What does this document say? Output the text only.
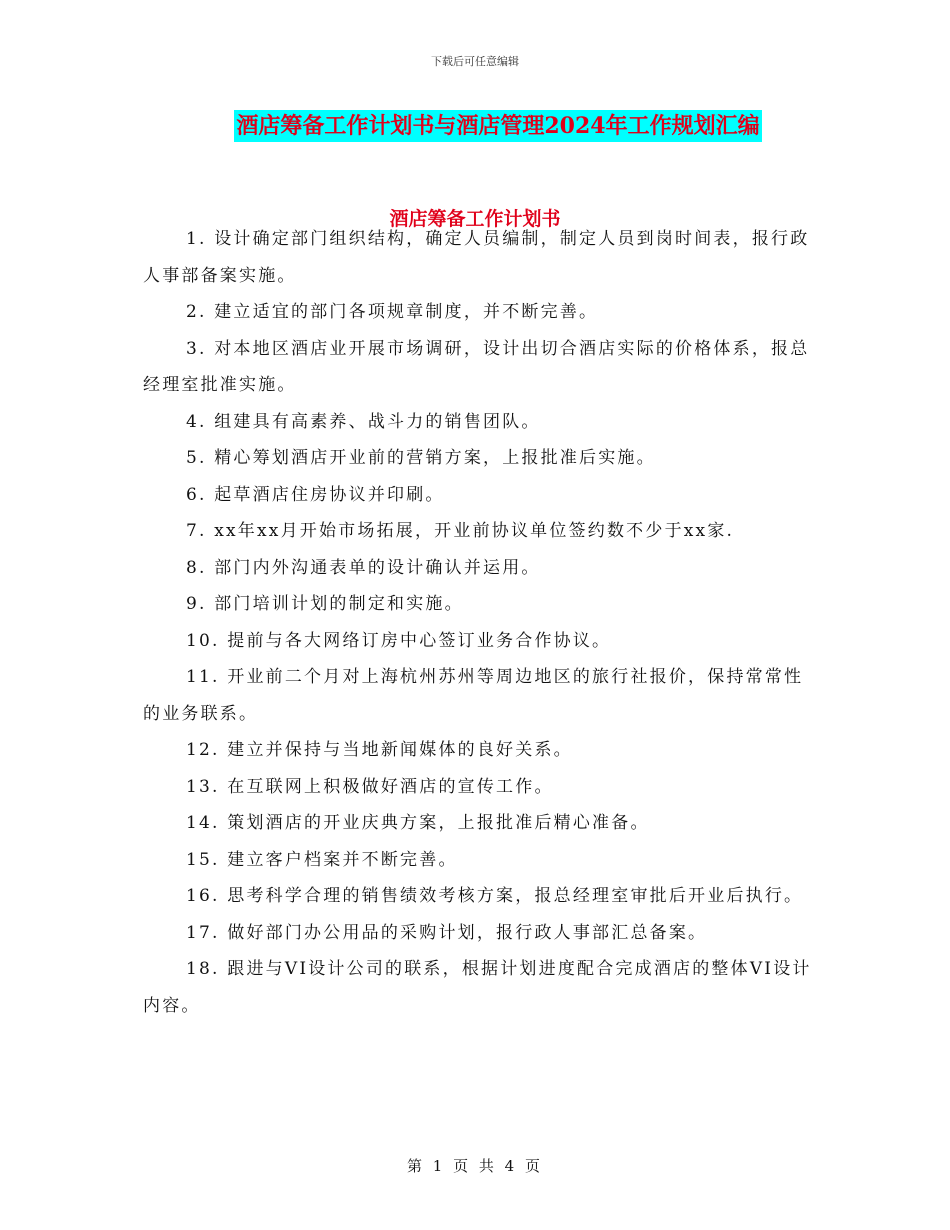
下载后可任意编辑
酒店筹备工作计划书与酒店管理2024年工作规划汇编
酒店筹备工作计划书

1. 设计确定部门组织结构，确定人员编制，制定人员到岗时间表，报行政人事部备案实施。

2. 建立适宜的部门各项规章制度，并不断完善。

3. 对本地区酒店业开展市场调研，设计出切合酒店实际的价格体系，报总经理室批准实施。

4. 组建具有高素养、战斗力的销售团队。

5. 精心筹划酒店开业前的营销方案，上报批准后实施。

6. 起草酒店住房协议并印刷。

7. xx年xx月开始市场拓展，开业前协议单位签约数不少于xx家.

8. 部门内外沟通表单的设计确认并运用。

9. 部门培训计划的制定和实施。

10. 提前与各大网络订房中心签订业务合作协议。

11. 开业前二个月对上海杭州苏州等周边地区的旅行社报价，保持常常性的业务联系。

12. 建立并保持与当地新闻媒体的良好关系。

13. 在互联网上积极做好酒店的宣传工作。

14. 策划酒店的开业庆典方案，上报批准后精心准备。

15. 建立客户档案并不断完善。

16. 思考科学合理的销售绩效考核方案，报总经理室审批后开业后执行。

17. 做好部门办公用品的采购计划，报行政人事部汇总备案。

18. 跟进与VI设计公司的联系，根据计划进度配合完成酒店的整体VI设计内容。

第 1 页 共 4 页
